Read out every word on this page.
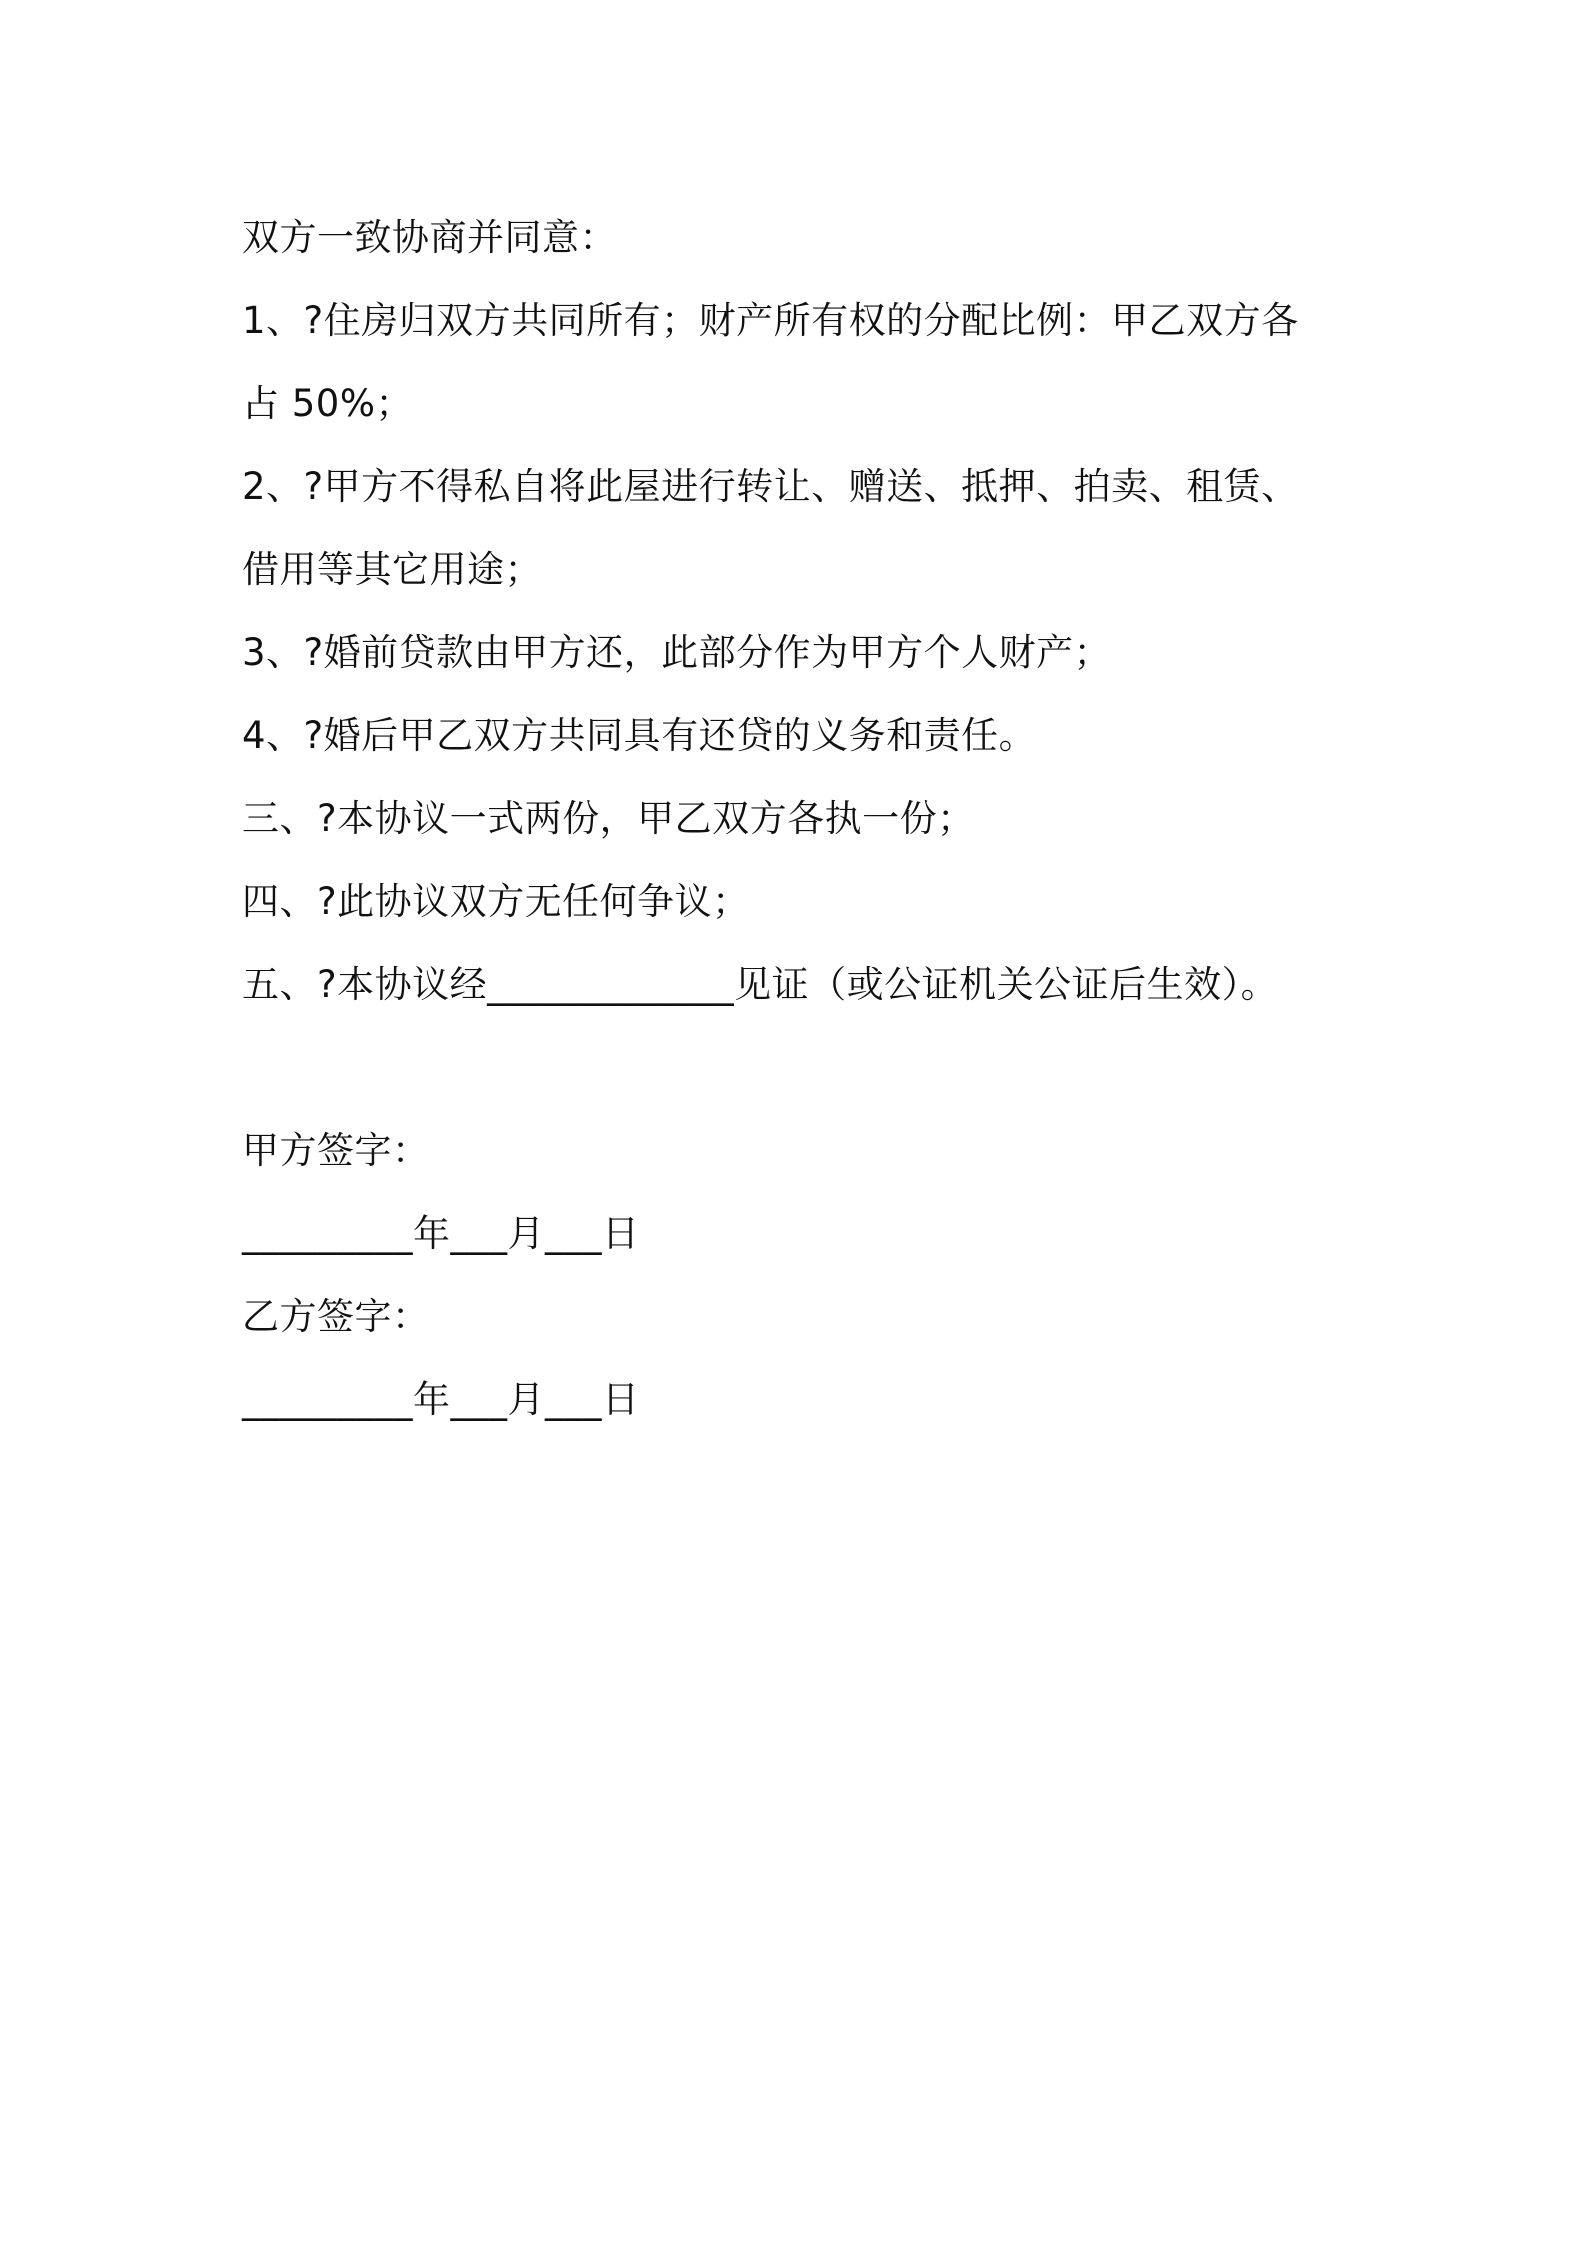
双方一致协商并同意：
1、?住房归双方共同所有；财产所有权的分配比例：甲乙双方各
占 50%；
2、?甲方不得私自将此屋进行转让、赠送、抵押、拍卖、租赁、
借用等其它用途；
3、?婚前贷款由甲方还，此部分作为甲方个人财产；
4、?婚后甲乙双方共同具有还贷的义务和责任。
三、?本协议一式两份，甲乙双方各执一份；
四、?此协议双方无任何争议；
五、?本协议经_____________见证（或公证机关公证后生效）。
甲方签字：
_________年___月___日
乙方签字：
_________年___月___日
